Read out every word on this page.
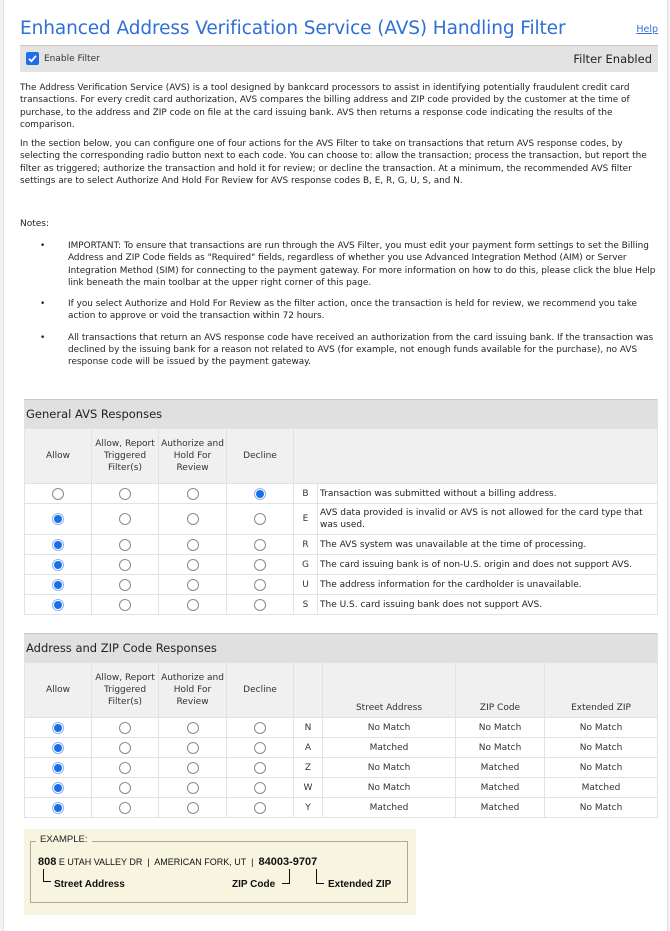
Enhanced Address Verification Service (AVS) Handling Filter	Help
Enable Filter	Filter Enabled

The Address Verification Service (AVS) is a tool designed by bankcard processors to assist in identifying potentially fraudulent credit card transactions. For every credit card authorization, AVS compares the billing address and ZIP code provided by the customer at the time of purchase, to the address and ZIP code on file at the card issuing bank. AVS then returns a response code indicating the results of the comparison.

In the section below, you can configure one of four actions for the AVS Filter to take on transactions that return AVS response codes, by selecting the corresponding radio button next to each code. You can choose to: allow the transaction; process the transaction, but report the filter as triggered; authorize the transaction and hold it for review; or decline the transaction. At a minimum, the recommended AVS filter settings are to select Authorize And Hold For Review for AVS response codes B, E, R, G, U, S, and N.

Notes:
•	IMPORTANT: To ensure that transactions are run through the AVS Filter, you must edit your payment form settings to set the Billing Address and ZIP Code fields as "Required" fields, regardless of whether you use Advanced Integration Method (AIM) or Server Integration Method (SIM) for connecting to the payment gateway. For more information on how to do this, please click the blue Help link beneath the main toolbar at the upper right corner of this page.
•	If you select Authorize and Hold For Review as the filter action, once the transaction is held for review, we recommend you take action to approve or void the transaction within 72 hours.
•	All transactions that return an AVS response code have received an authorization from the card issuing bank. If the transaction was declined by the issuing bank for a reason not related to AVS (for example, not enough funds available for the purchase), no AVS response code will be issued by the payment gateway.
General AVS Responses					
Allow	Allow, Report Triggered Filter(s)	Authorize and Hold For Review	Decline		
				B	Transaction was submitted without a billing address.
				E	AVS data provided is invalid or AVS is not allowed for the card type that was used.
				R	The AVS system was unavailable at the time of processing.
				G	The card issuing bank is of non-U.S. origin and does not support AVS.
				U	The address information for the cardholder is unavailable.
				S	The U.S. card issuing bank does not support AVS.
Address and ZIP Code Responses							
Allow	Allow, Report Triggered Filter(s)	Authorize and Hold For Review	Decline		Street Address	ZIP Code	Extended ZIP
				N	No Match	No Match	No Match
				A	Matched	No Match	No Match
				Z	No Match	Matched	No Match
				W	No Match	Matched	Matched
				Y	Matched	Matched	No Match
EXAMPLE:
808 E UTAH VALLEY DR | AMERICAN FORK, UT | 84003-9707
Street Address	ZIP Code	Extended ZIP
